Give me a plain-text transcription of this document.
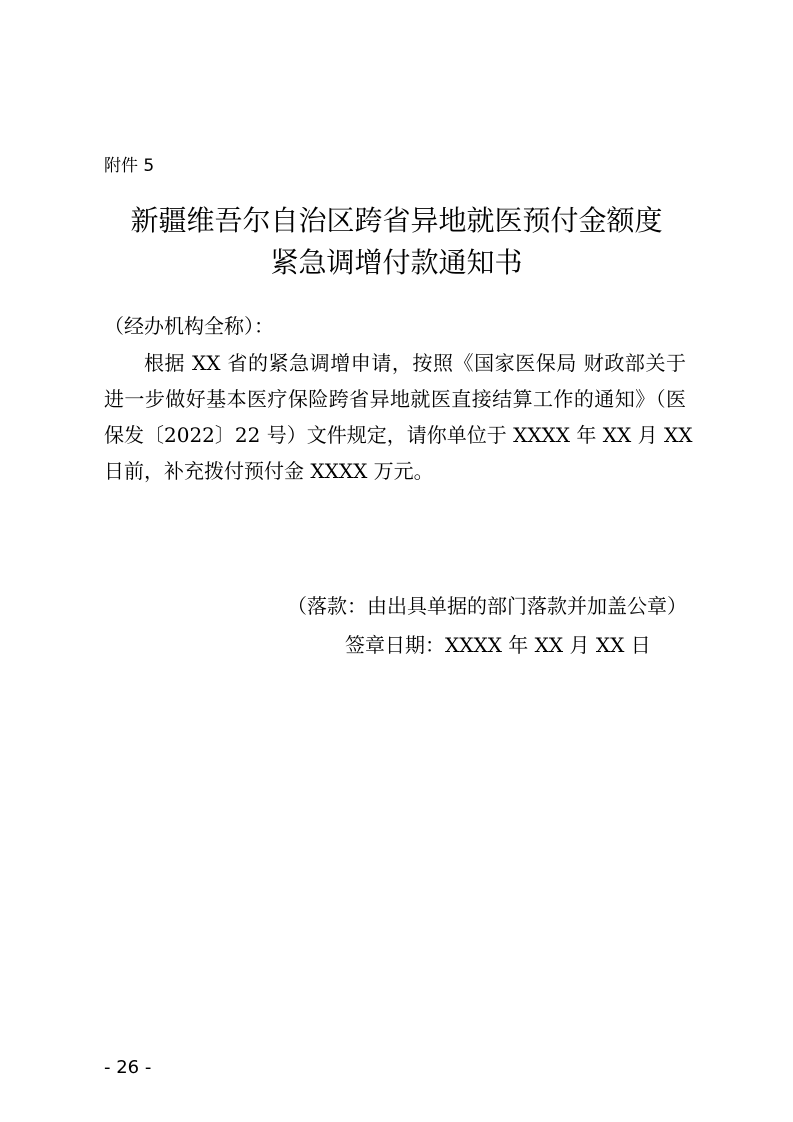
附件 5
新疆维吾尔自治区跨省异地就医预付金额度
紧急调增付款通知书
（经办机构全称）：
根据 XX 省的紧急调增申请，按照《国家医保局 财政部关于
进一步做好基本医疗保险跨省异地就医直接结算工作的通知》（医
保发〔2022〕22 号）文件规定，请你单位于 XXXX 年 XX 月 XX
日前，补充拨付预付金 XXXX 万元。
（落款：由出具单据的部门落款并加盖公章）
签章日期：XXXX 年 XX 月 XX 日
- 26 -
